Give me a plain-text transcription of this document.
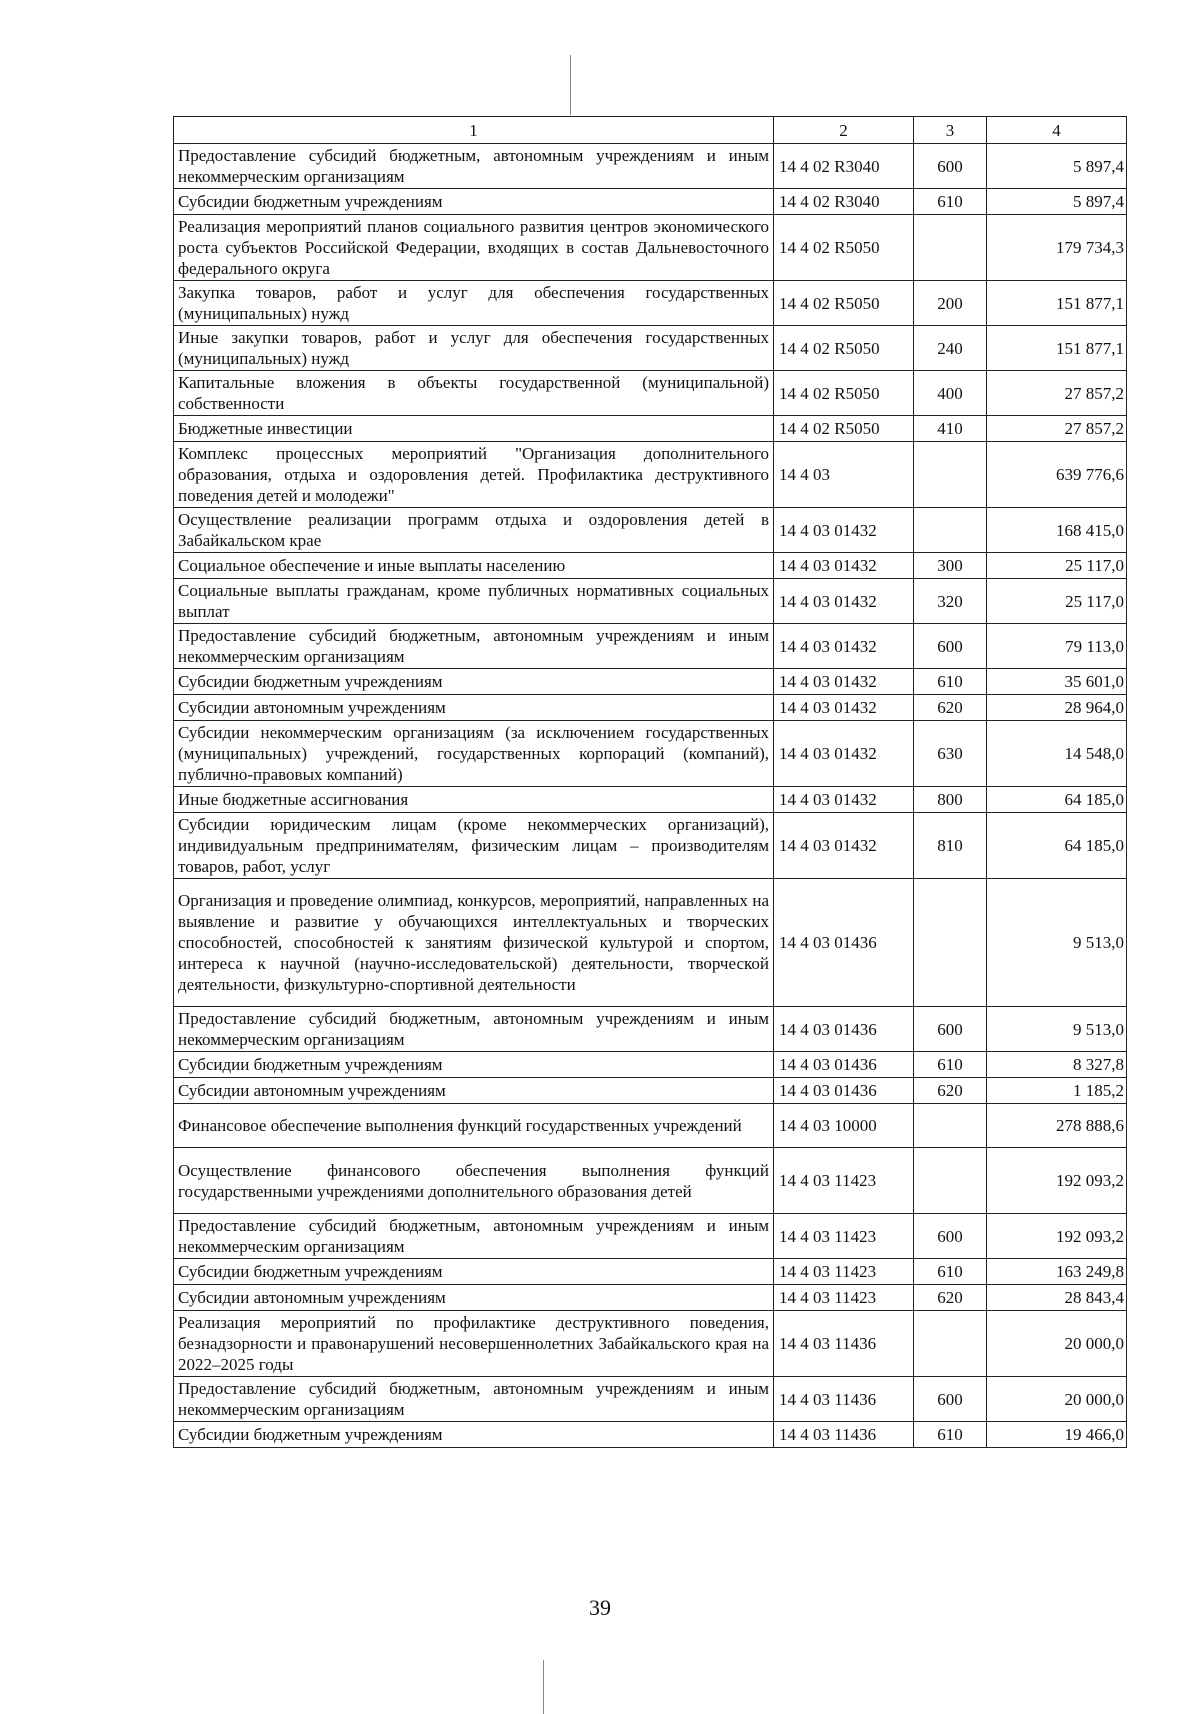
1	2	3	4
Предоставление субсидий бюджетным, автономным учреждениям и иным некоммерческим организациям	14 4 02 R3040	600	5 897,4
Субсидии бюджетным учреждениям	14 4 02 R3040	610	5 897,4
Реализация мероприятий планов социального развития центров экономического роста субъектов Российской Федерации, входящих в состав Дальневосточного федерального округа	14 4 02 R5050		179 734,3
Закупка товаров, работ и услуг для обеспечения государственных (муниципальных) нужд	14 4 02 R5050	200	151 877,1
Иные закупки товаров, работ и услуг для обеспечения государственных (муниципальных) нужд	14 4 02 R5050	240	151 877,1
Капитальные вложения в объекты государственной (муниципальной) собственности	14 4 02 R5050	400	27 857,2
Бюджетные инвестиции	14 4 02 R5050	410	27 857,2
Комплекс процессных мероприятий "Организация дополнительного образования, отдыха и оздоровления детей. Профилактика деструктивного поведения детей и молодежи"	14 4 03		639 776,6
Осуществление реализации программ отдыха и оздоровления детей в Забайкальском крае	14 4 03 01432		168 415,0
Социальное обеспечение и иные выплаты населению	14 4 03 01432	300	25 117,0
Социальные выплаты гражданам, кроме публичных нормативных социальных выплат	14 4 03 01432	320	25 117,0
Предоставление субсидий бюджетным, автономным учреждениям и иным некоммерческим организациям	14 4 03 01432	600	79 113,0
Субсидии бюджетным учреждениям	14 4 03 01432	610	35 601,0
Субсидии автономным учреждениям	14 4 03 01432	620	28 964,0
Субсидии некоммерческим организациям (за исключением государственных (муниципальных) учреждений, государственных корпораций (компаний), публично-правовых компаний)	14 4 03 01432	630	14 548,0
Иные бюджетные ассигнования	14 4 03 01432	800	64 185,0
Субсидии юридическим лицам (кроме некоммерческих организаций), индивидуальным предпринимателям, физическим лицам – производителям товаров, работ, услуг	14 4 03 01432	810	64 185,0
Организация и проведение олимпиад, конкурсов, мероприятий, направленных на выявление и развитие у обучающихся интеллектуальных и творческих способностей, способностей к занятиям физической культурой и спортом, интереса к научной (научно-исследовательской) деятельности, творческой деятельности, физкультурно-спортивной деятельности	14 4 03 01436		9 513,0
Предоставление субсидий бюджетным, автономным учреждениям и иным некоммерческим организациям	14 4 03 01436	600	9 513,0
Субсидии бюджетным учреждениям	14 4 03 01436	610	8 327,8
Субсидии автономным учреждениям	14 4 03 01436	620	1 185,2
Финансовое обеспечение выполнения функций государственных учреждений	14 4 03 10000		278 888,6
Осуществление финансового обеспечения выполнения функций государственными учреждениями дополнительного образования детей	14 4 03 11423		192 093,2
Предоставление субсидий бюджетным, автономным учреждениям и иным некоммерческим организациям	14 4 03 11423	600	192 093,2
Субсидии бюджетным учреждениям	14 4 03 11423	610	163 249,8
Субсидии автономным учреждениям	14 4 03 11423	620	28 843,4
Реализация мероприятий по профилактике деструктивного поведения, безнадзорности и правонарушений несовершеннолетних Забайкальского края на 2022–2025 годы	14 4 03 11436		20 000,0
Предоставление субсидий бюджетным, автономным учреждениям и иным некоммерческим организациям	14 4 03 11436	600	20 000,0
Субсидии бюджетным учреждениям	14 4 03 11436	610	19 466,0
39
